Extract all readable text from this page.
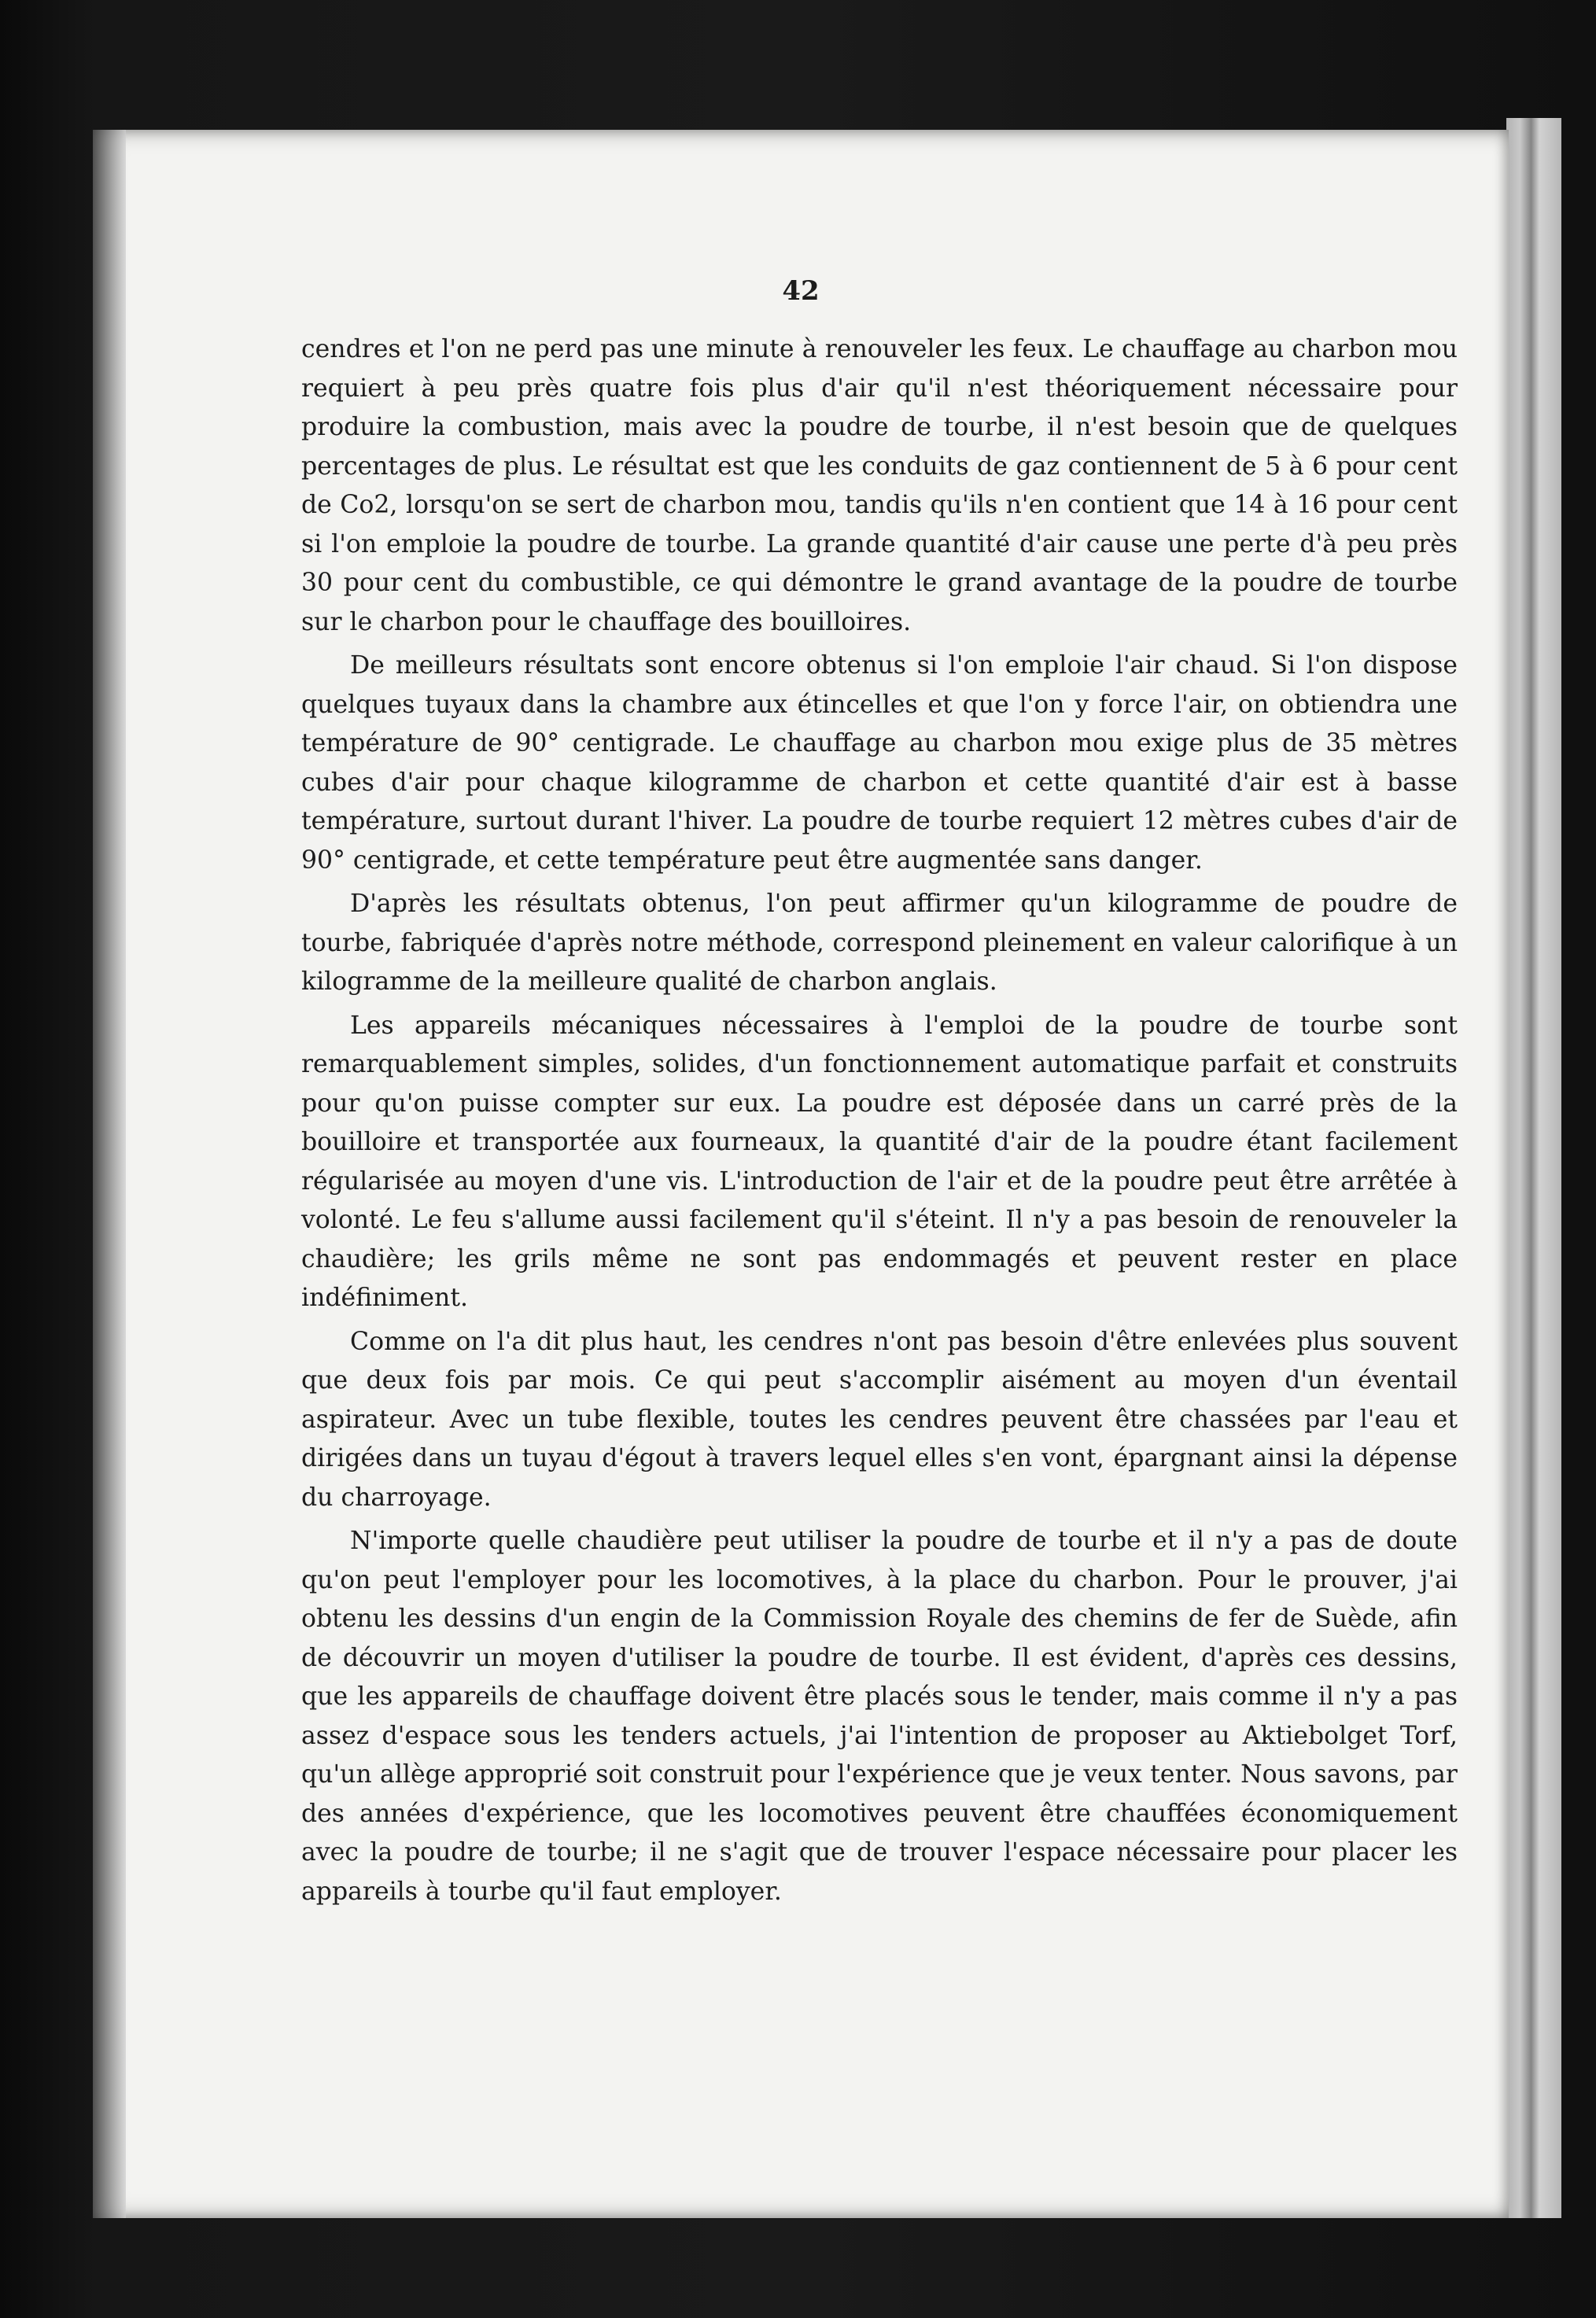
42

cendres et l'on ne perd pas une minute à renouveler les feux. Le chauffage au charbon mou requiert à peu près quatre fois plus d'air qu'il n'est théoriquement nécessaire pour produire la combustion, mais avec la poudre de tourbe, il n'est besoin que de quelques percentages de plus. Le résultat est que les conduits de gaz contiennent de 5 à 6 pour cent de Co2, lorsqu'on se sert de charbon mou, tandis qu'ils n'en contient que 14 à 16 pour cent si l'on emploie la poudre de tourbe. La grande quantité d'air cause une perte d'à peu près 30 pour cent du combustible, ce qui démontre le grand avantage de la poudre de tourbe sur le charbon pour le chauffage des bouilloires.

De meilleurs résultats sont encore obtenus si l'on emploie l'air chaud. Si l'on dispose quelques tuyaux dans la chambre aux étincelles et que l'on y force l'air, on obtiendra une température de 90° centigrade. Le chauffage au charbon mou exige plus de 35 mètres cubes d'air pour chaque kilogramme de charbon et cette quantité d'air est à basse température, surtout durant l'hiver. La poudre de tourbe requiert 12 mètres cubes d'air de 90° centigrade, et cette température peut être augmentée sans danger.

D'après les résultats obtenus, l'on peut affirmer qu'un kilogramme de poudre de tourbe, fabriquée d'après notre méthode, correspond pleinement en valeur calorifique à un kilogramme de la meilleure qualité de charbon anglais.

Les appareils mécaniques nécessaires à l'emploi de la poudre de tourbe sont remarquablement simples, solides, d'un fonctionnement automatique parfait et construits pour qu'on puisse compter sur eux. La poudre est déposée dans un carré près de la bouilloire et transportée aux fourneaux, la quantité d'air de la poudre étant facilement régularisée au moyen d'une vis. L'introduction de l'air et de la poudre peut être arrêtée à volonté. Le feu s'allume aussi facilement qu'il s'éteint. Il n'y a pas besoin de renouveler la chaudière; les grils même ne sont pas endommagés et peuvent rester en place indéfiniment.

Comme on l'a dit plus haut, les cendres n'ont pas besoin d'être enlevées plus souvent que deux fois par mois. Ce qui peut s'accomplir aisément au moyen d'un éventail aspirateur. Avec un tube flexible, toutes les cendres peuvent être chassées par l'eau et dirigées dans un tuyau d'égout à travers lequel elles s'en vont, épargnant ainsi la dépense du charroyage.

N'importe quelle chaudière peut utiliser la poudre de tourbe et il n'y a pas de doute qu'on peut l'employer pour les locomotives, à la place du charbon. Pour le prouver, j'ai obtenu les dessins d'un engin de la Commission Royale des chemins de fer de Suède, afin de découvrir un moyen d'utiliser la poudre de tourbe. Il est évident, d'après ces dessins, que les appareils de chauffage doivent être placés sous le tender, mais comme il n'y a pas assez d'espace sous les tenders actuels, j'ai l'intention de proposer au Aktiebolget Torf, qu'un allège approprié soit construit pour l'expérience que je veux tenter. Nous savons, par des années d'expérience, que les locomotives peuvent être chauffées économiquement avec la poudre de tourbe; il ne s'agit que de trouver l'espace nécessaire pour placer les appareils à tourbe qu'il faut employer.
